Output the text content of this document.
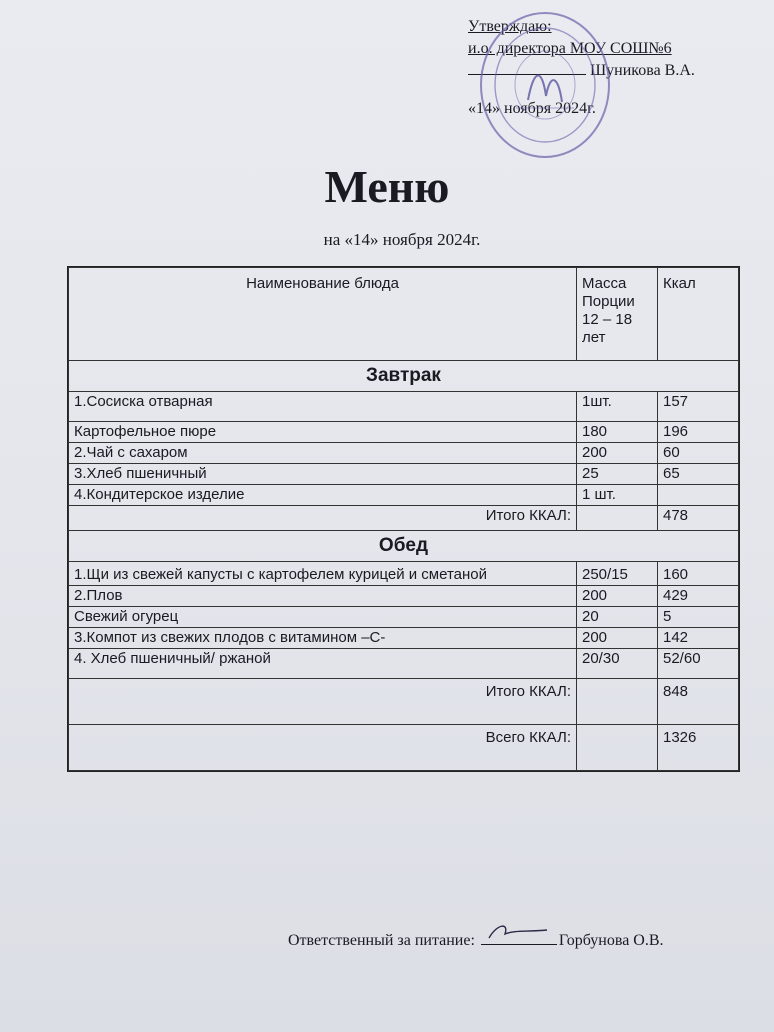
Утверждаю:
и.о. директора МОУ СОШ№6
Шуникова В.А.
«14» ноября 2024г.
Меню
на «14» ноября 2024г.
Наименование блюда	Масса Порции 12 – 18 лет	Ккал
Завтрак		
1.Сосиска отварная	1шт.	157
Картофельное пюре	180	196
2.Чай с сахаром	200	60
3.Хлеб пшеничный	25	65
4.Кондитерское изделие	1 шт.	
Итого ККАЛ:		478
Обед		
1.Щи из свежей капусты с картофелем курицей и сметаной	250/15	160
2.Плов	200	429
Свежий огурец	20	5
3.Компот из свежих плодов с витамином –С-	200	142
4. Хлеб пшеничный/ ржаной	20/30	52/60
Итого ККАЛ:		848
Всего ККАЛ:		1326
Ответственный за питание:	Горбунова О.В.
